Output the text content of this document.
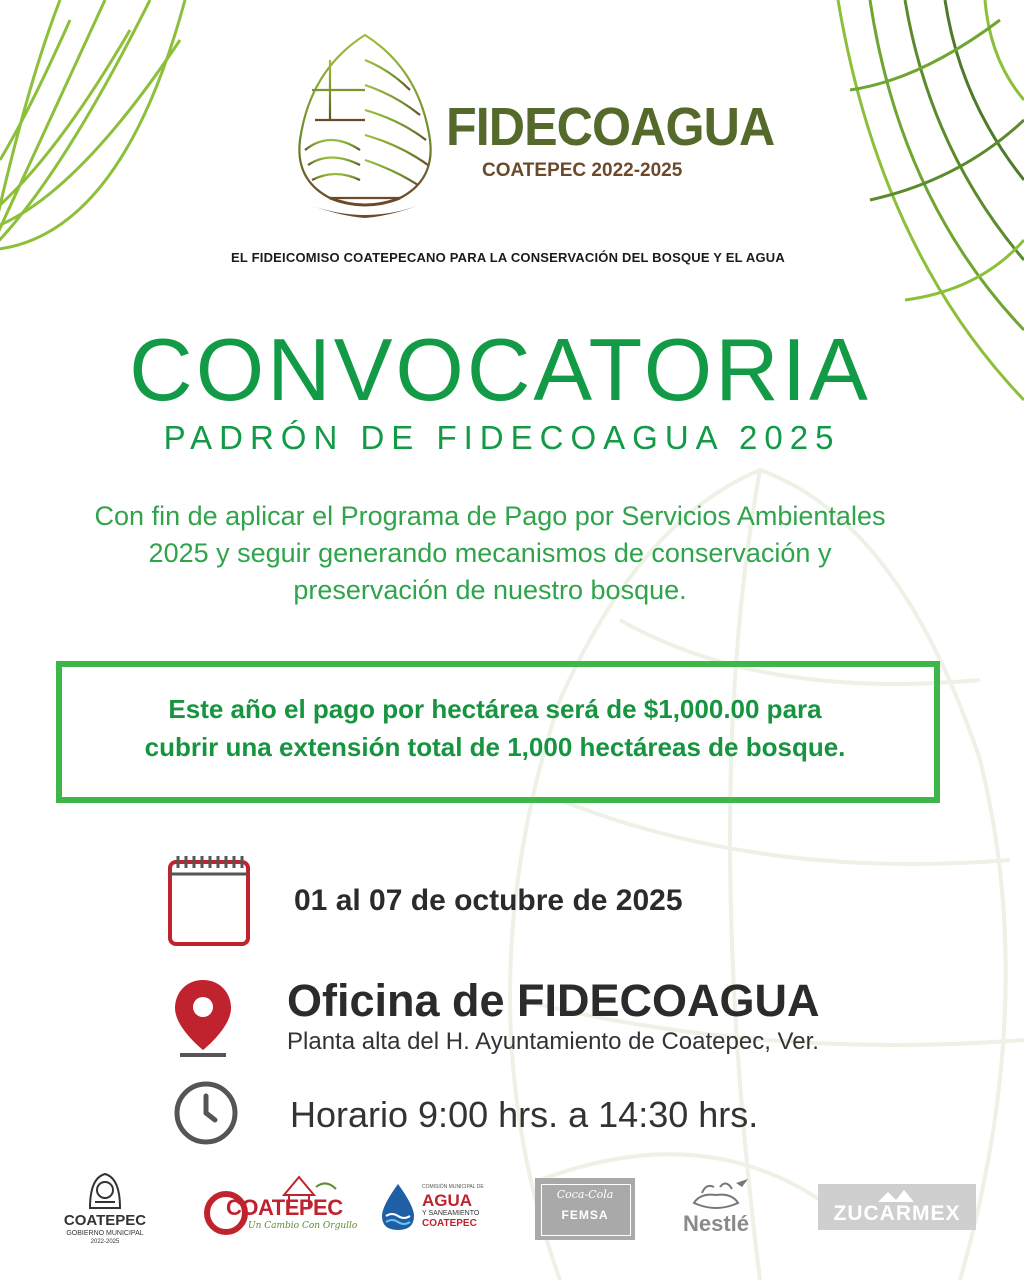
FIDECOAGUA
COATEPEC 2022-2025
EL FIDEICOMISO COATEPECANO PARA LA CONSERVACIÓN DEL BOSQUE Y EL AGUA
CONVOCATORIA
PADRÓN DE FIDECOAGUA 2025
Con fin de aplicar el Programa de Pago por Servicios Ambientales 2025 y seguir generando mecanismos de conservación y preservación de nuestro bosque.
Este año el pago por hectárea será de $1,000.00 para
cubrir una extensión total de 1,000 hectáreas de bosque.
01 al 07 de octubre de 2025
Oficina de FIDECOAGUA
Planta alta del H. Ayuntamiento de Coatepec, Ver.
Horario 9:00 hrs. a 14:30 hrs.
COATEPEC
GOBIERNO MUNICIPAL
2022-2025
COATEPEC
Un Cambio Con Orgullo
COMISIÓN MUNICIPAL DE
AGUA
Y SANEAMIENTO
COATEPEC
Coca-Cola
FEMSA	Nestlé	ZUCARMEX
